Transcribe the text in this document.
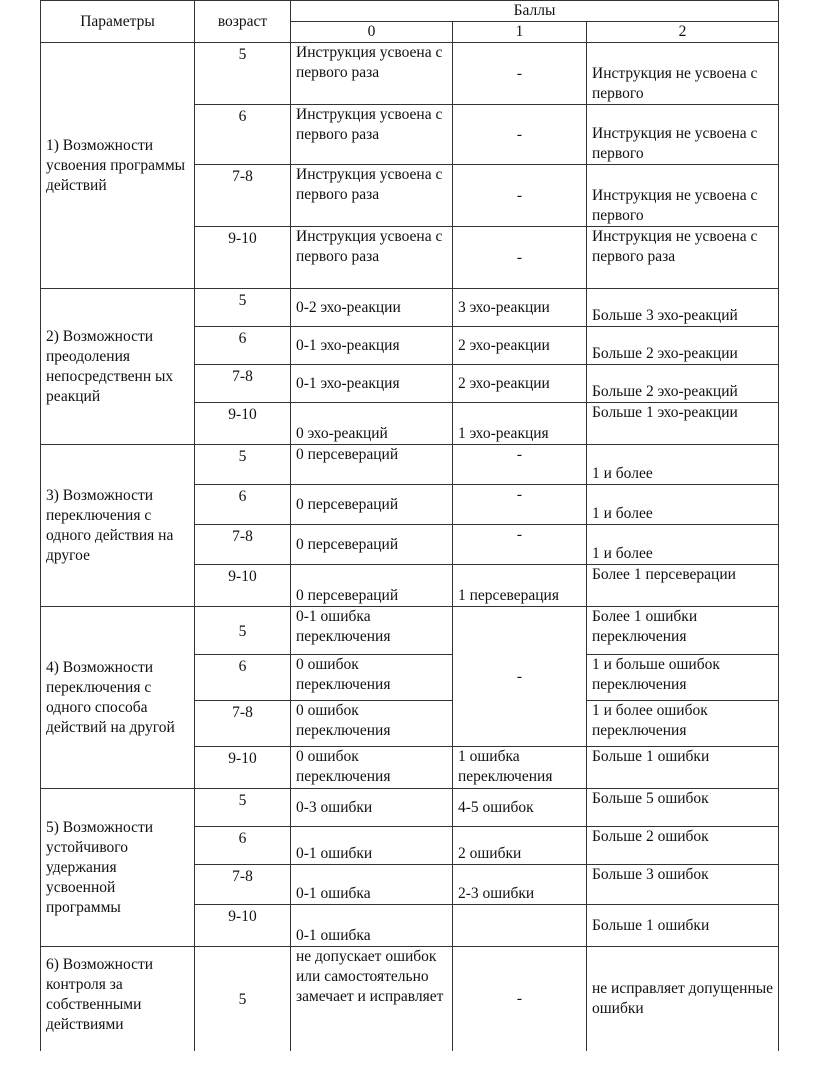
Параметры	возраст	Баллы		
		0	1	2
1) Возможности усвоения программы действий	5	Инструкция усвоена с первого раза	-	Инструкция не усвоена с первого
	6	Инструкция усвоена с первого раза	-	Инструкция не усвоена с первого
	7-8	Инструкция усвоена с первого раза	-	Инструкция не усвоена с первого
	9-10	Инструкция усвоена с первого раза	-	Инструкция не усвоена с первого раза
2) Возможности преодоления непосредственн ых реакций	5	0-2 эхо-реакции	3 эхо-реакции	Больше 3 эхо-реакций
	6	0-1 эхо-реакция	2 эхо-реакции	Больше 2 эхо-реакции
	7-8	0-1 эхо-реакция	2 эхо-реакции	Больше 2 эхо-реакций
	9-10	0 эхо-реакций	1 эхо-реакция	Больше 1 эхо-реакции
3) Возможности переключения с одного действия на другое	5	0 персевераций	-	1 и более
	6	0 персевераций	-	1 и более
	7-8	0 персевераций	-	1 и более
	9-10	0 персевераций	1 персеверация	Более 1 персеверации
4) Возможности переключения с одного способа действий на другой	5	0-1 ошибка переключения	-	Более 1 ошибки переключения
	6	0 ошибок переключения		1 и больше ошибок переключения
	7-8	0 ошибок переключения		1 и более ошибок переключения
	9-10	0 ошибок переключения	1 ошибка переключения	Больше 1 ошибки
5) Возможности устойчивого удержания усвоенной программы	5	0-3 ошибки	4-5 ошибок	Больше 5 ошибок
	6	0-1 ошибки	2 ошибки	Больше 2 ошибок
	7-8	0-1 ошибка	2-3 ошибки	Больше 3 ошибок
	9-10	0-1 ошибка		Больше 1 ошибки
6) Возможности контроля за собственными действиями	5	не допускает ошибок или самостоятельно замечает и исправляет	-	не исправляет допущенные ошибки
